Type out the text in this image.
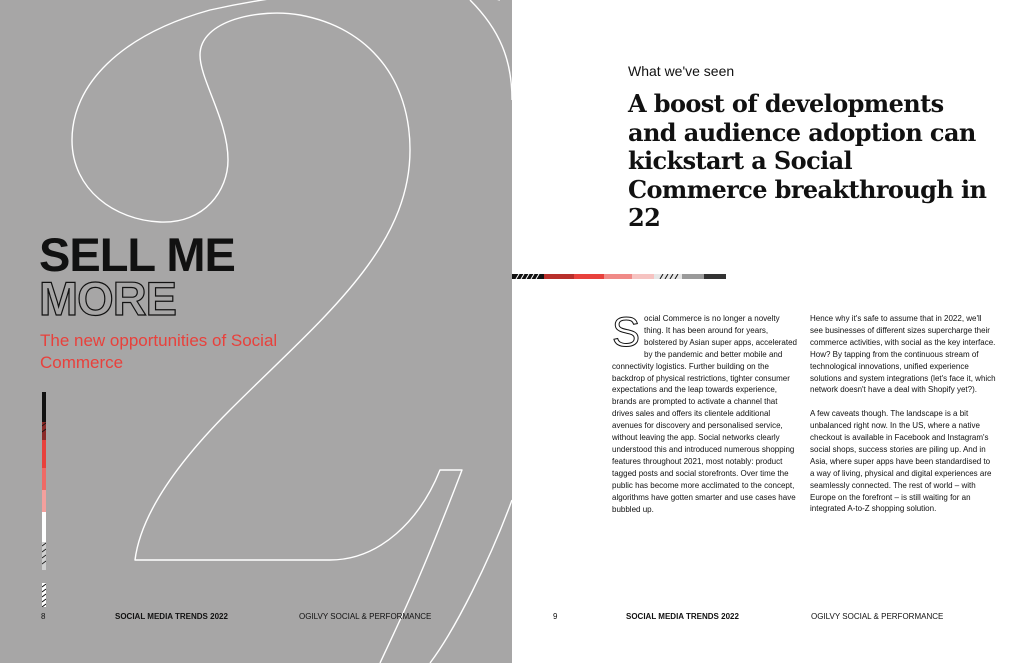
SELL ME
MORE

The new opportunities of Social Commerce

8	SOCIAL MEDIA TRENDS 2022	OGILVY SOCIAL & PERFORMANCE

What we've seen

A boost of developments and audience adoption can kickstart a Social Commerce breakthrough in 22
S ocial Commerce is no longer a novelty thing. It has been around for years, bolstered by Asian super apps, accelerated by the pandemic and better mobile and connectivity logistics. Further building on the backdrop of physical restrictions, tighter consumer expectations and the leap towards experience, brands are prompted to activate a channel that drives sales and offers its clientele additional avenues for discovery and personalised service, without leaving the app. Social networks clearly understood this and introduced numerous shopping features throughout 2021, most notably: product tagged posts and social storefronts. Over time the public has become more acclimated to the concept, algorithms have gotten smarter and use cases have bubbled up.

Hence why it's safe to assume that in 2022, we'll see businesses of different sizes supercharge their commerce activities, with social as the key interface. How? By tapping from the continuous stream of technological innovations, unified experience solutions and system integrations (let's face it, which network doesn't have a deal with Shopify yet?).

A few caveats though. The landscape is a bit unbalanced right now. In the US, where a native checkout is available in Facebook and Instagram's social shops, success stories are piling up. And in Asia, where super apps have been standardised to a way of living, physical and digital experiences are seamlessly connected. The rest of world – with Europe on the forefront – is still waiting for an integrated A-to-Z shopping solution.

9	SOCIAL MEDIA TRENDS 2022	OGILVY SOCIAL & PERFORMANCE
